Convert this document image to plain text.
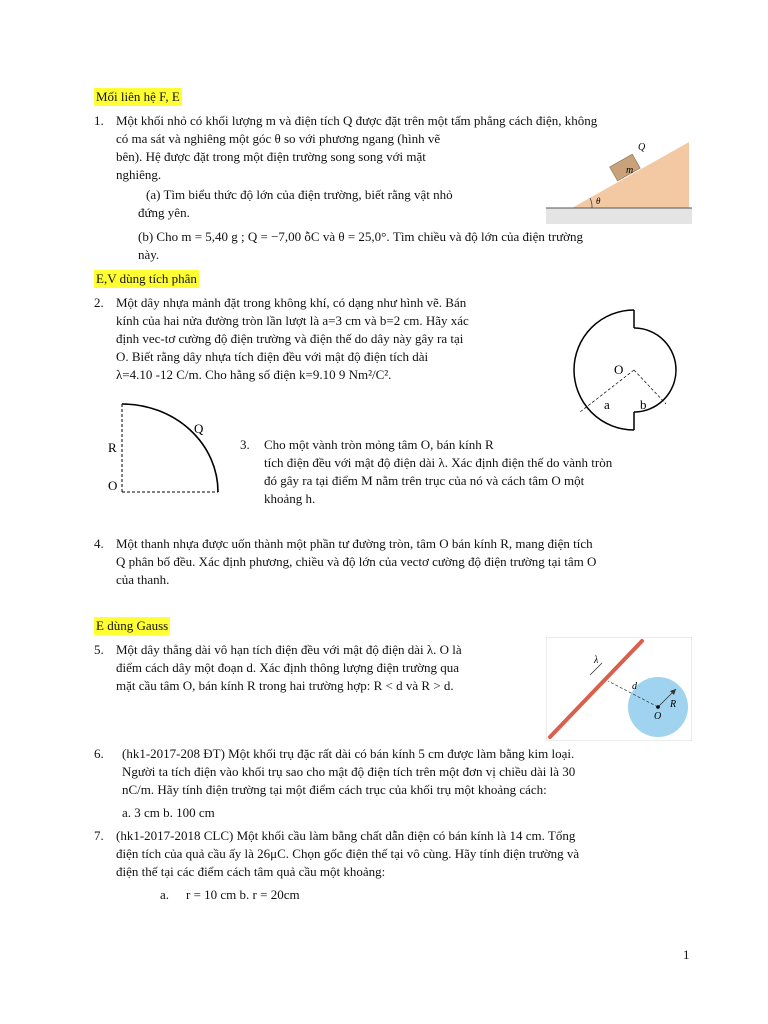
Mối liên hệ F, E
1. Một khối nhỏ có khối lượng m và điện tích Q được đặt trên một tấm phẳng cách điện, không
có ma sát và nghiêng một góc θ so với phương ngang (hình vẽ
bên). Hệ được đặt trong một điện trường song song với mặt
nghiêng.
(a) Tìm biểu thức độ lớn của điện trường, biết rằng vật nhỏ
đứng yên.
(b) Cho m = 5,40 g ; Q = −7,00 ỗC và θ = 25,0°. Tìm chiều và độ lớn của điện trường
này.
m
Q
θ
E,V dùng tích phân
2. Một dây nhựa mảnh đặt trong không khí, có dạng như hình vẽ. Bán
kính của hai nửa đường tròn lần lượt là a=3 cm và b=2 cm. Hãy xác
định vec-tơ cường độ điện trường và điện thế do dây này gây ra tại
O. Biết rằng dây nhựa tích điện đều với mật độ điện tích dài
λ=4.10 -12 C/m. Cho hằng số điện k=9.10 9 Nm²/C².	O
a b
R
Q
O
3. Cho một vành tròn mỏng tâm O, bán kính R
tích điện đều với mật độ điện dài λ. Xác định điện thế do vành tròn
đó gây ra tại điểm M nằm trên trục của nó và cách tâm O một
khoảng h.
4. Một thanh nhựa được uốn thành một phần tư đường tròn, tâm O bán kính R, mang điện tích
Q phân bố đều. Xác định phương, chiều và độ lớn của vectơ cường độ điện trường tại tâm O
của thanh.
E dùng Gauss
5. Một dây thẳng dài vô hạn tích điện đều với mật độ điện dài λ. O là
điểm cách dây một đoạn d. Xác định thông lượng điện trường qua
mặt cầu tâm O, bán kính R trong hai trường hợp: R < d và R > d.
λ
d
R
O
6. (hk1-2017-208 ĐT) Một khối trụ đặc rất dài có bán kính 5 cm được làm bằng kim loại.
Người ta tích điện vào khối trụ sao cho mật độ điện tích trên một đơn vị chiều dài là 30
nC/m. Hãy tính điện trường tại một điểm cách trục của khối trụ một khoảng cách:
a. 3 cm b. 100 cm
7. (hk1-2017-2018 CLC) Một khối cầu làm bằng chất dẫn điện có bán kính là 14 cm. Tổng
điện tích của quả cầu ấy là 26μC. Chọn gốc điện thế tại vô cùng. Hãy tính điện trường và
điện thế tại các điểm cách tâm quả cầu một khoảng:
a. r = 10 cm b. r = 20cm
1
